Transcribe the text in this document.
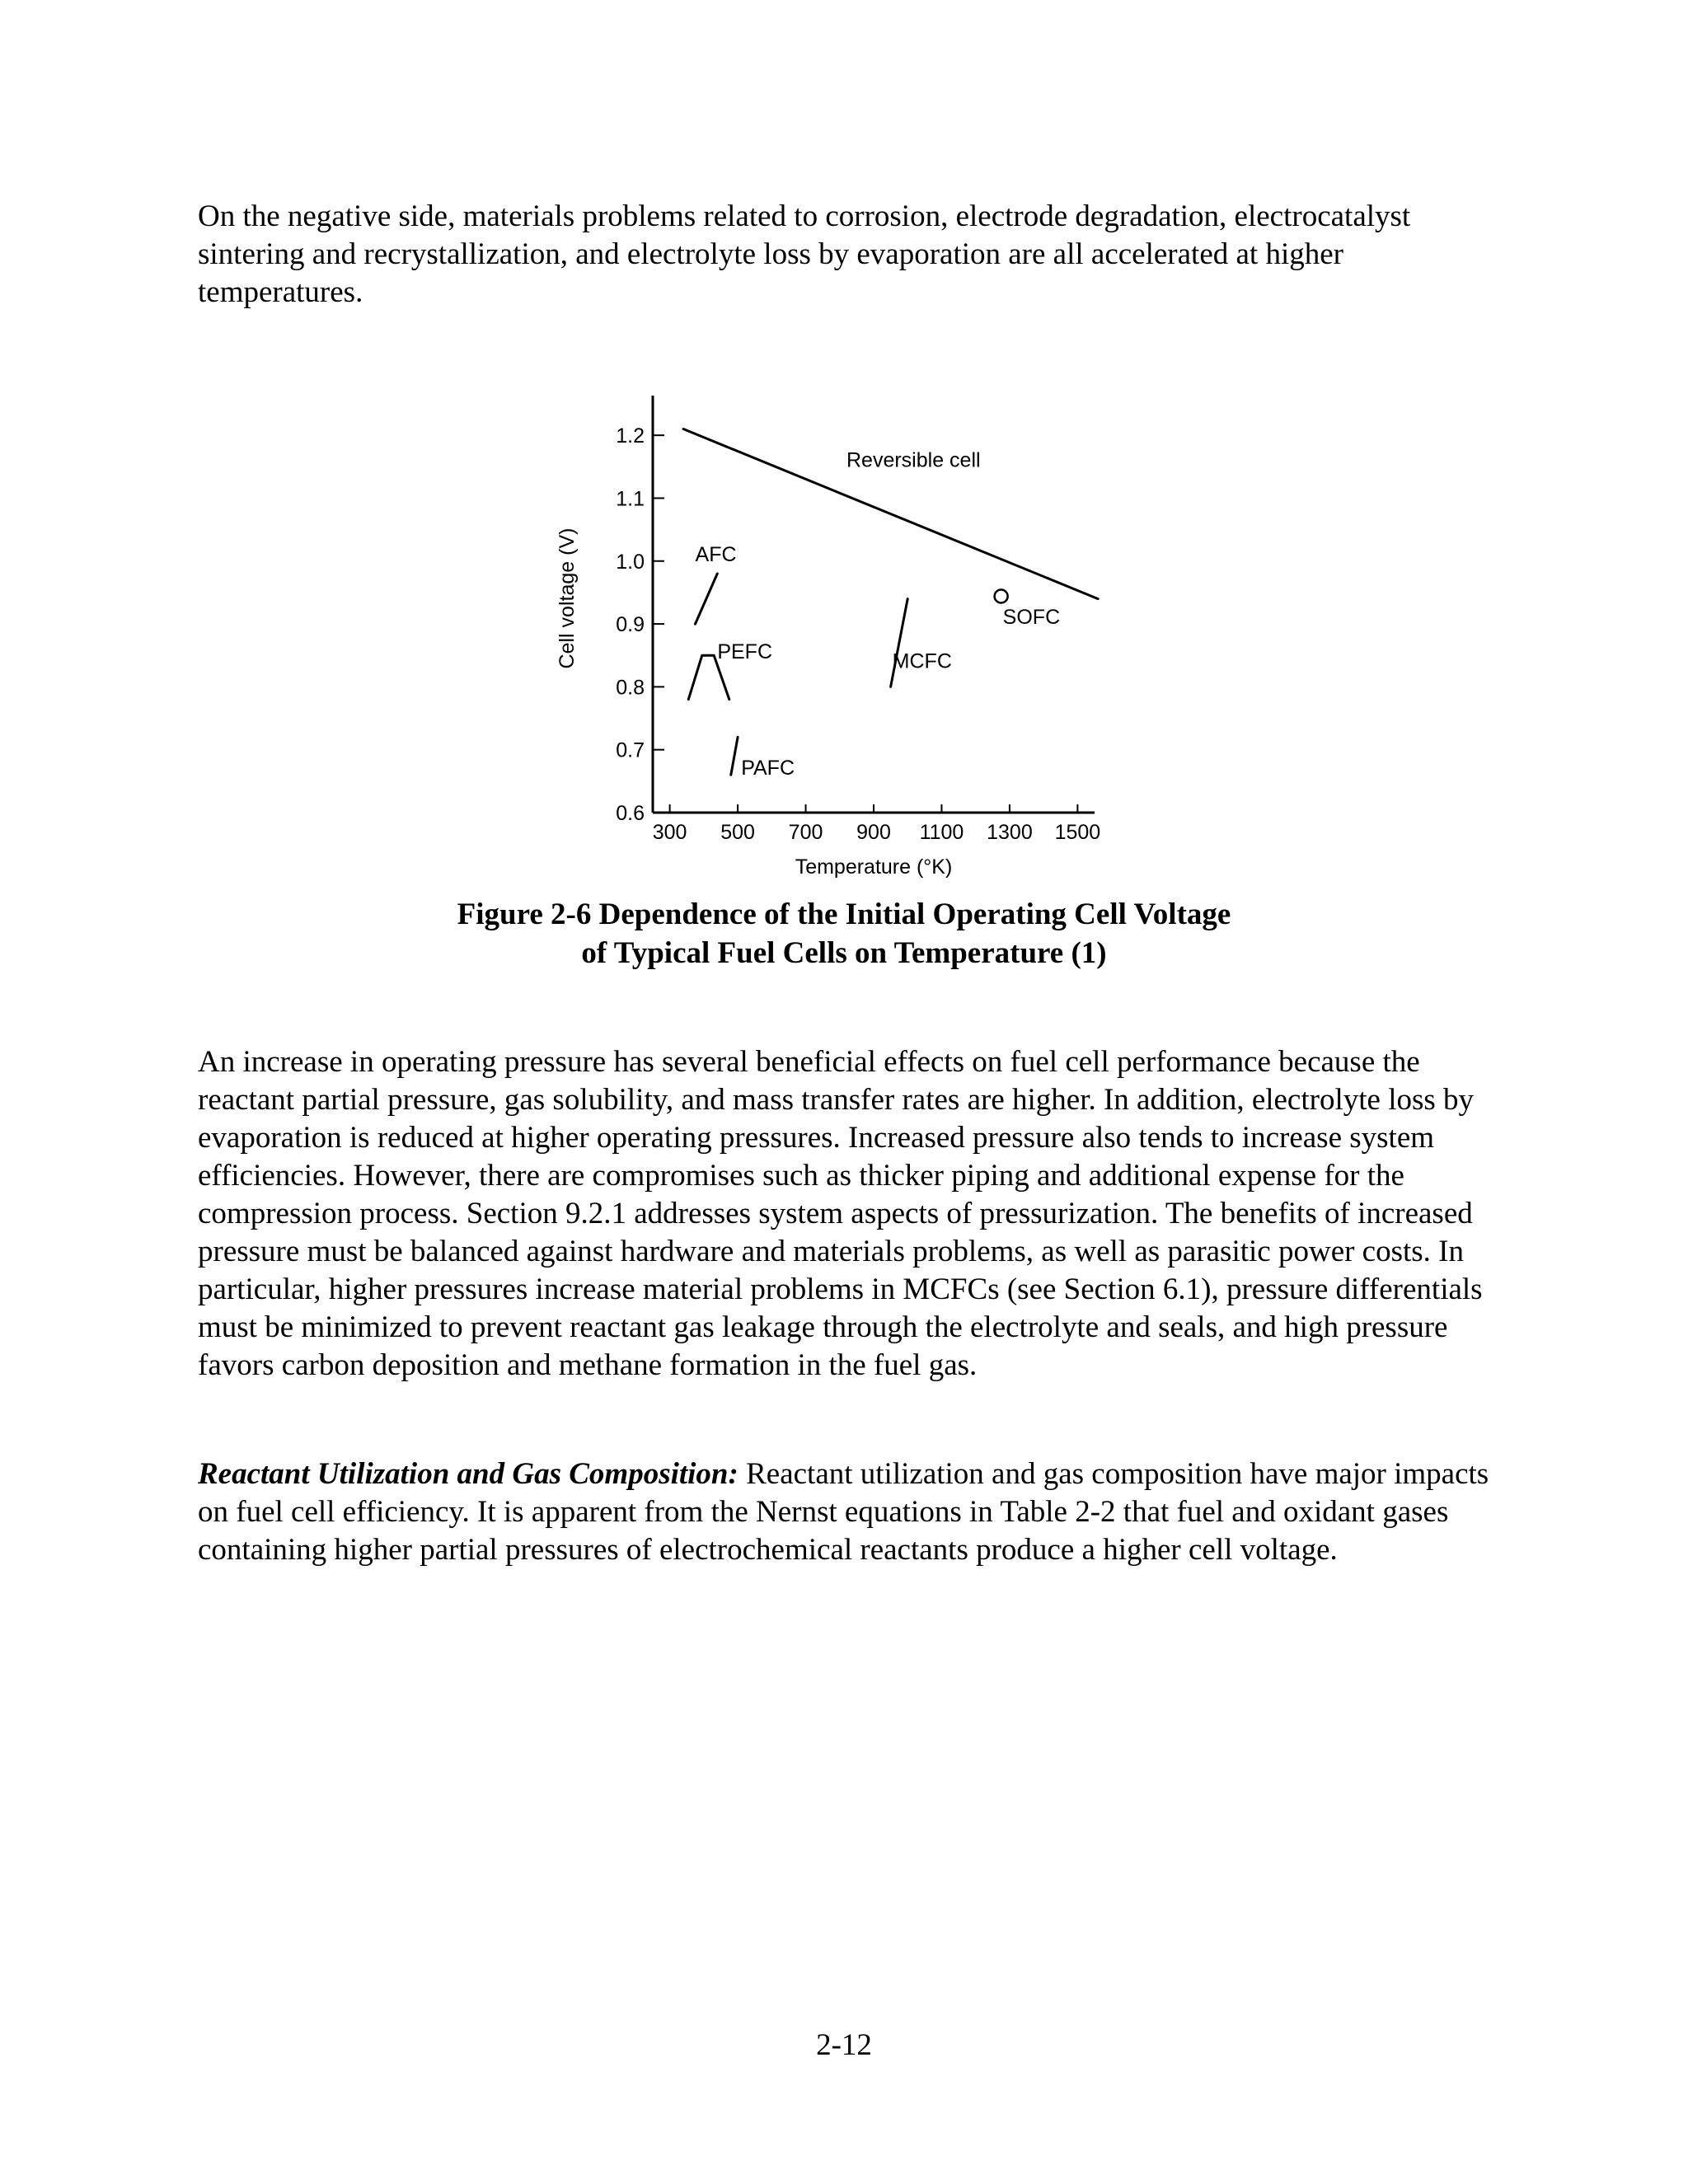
On the negative side, materials problems related to corrosion, electrode degradation, electrocatalyst sintering and recrystallization, and electrolyte loss by evaporation are all accelerated at higher temperatures.

0.6
0.7
0.8
0.9
1.0
1.1
1.2
300 500 700 900 1100 1300 1500
Reversible cell
AFC
PEFC
PAFC
MCFC
SOFC
Temperature (°K)
Cell voltage (V)

Figure 2-6 Dependence of the Initial Operating Cell Voltage

of Typical Fuel Cells on Temperature (1)

An increase in operating pressure has several beneficial effects on fuel cell performance because the reactant partial pressure, gas solubility, and mass transfer rates are higher. In addition, electrolyte loss by evaporation is reduced at higher operating pressures. Increased pressure also tends to increase system efficiencies. However, there are compromises such as thicker piping and additional expense for the compression process. Section 9.2.1 addresses system aspects of pressurization. The benefits of increased pressure must be balanced against hardware and materials problems, as well as parasitic power costs. In particular, higher pressures increase material problems in MCFCs (see Section 6.1), pressure differentials must be minimized to prevent reactant gas leakage through the electrolyte and seals, and high pressure favors carbon deposition and methane formation in the fuel gas.

Reactant Utilization and Gas Composition: Reactant utilization and gas composition have major impacts on fuel cell efficiency. It is apparent from the Nernst equations in Table 2-2 that fuel and oxidant gases containing higher partial pressures of electrochemical reactants produce a higher cell voltage.

2-12
